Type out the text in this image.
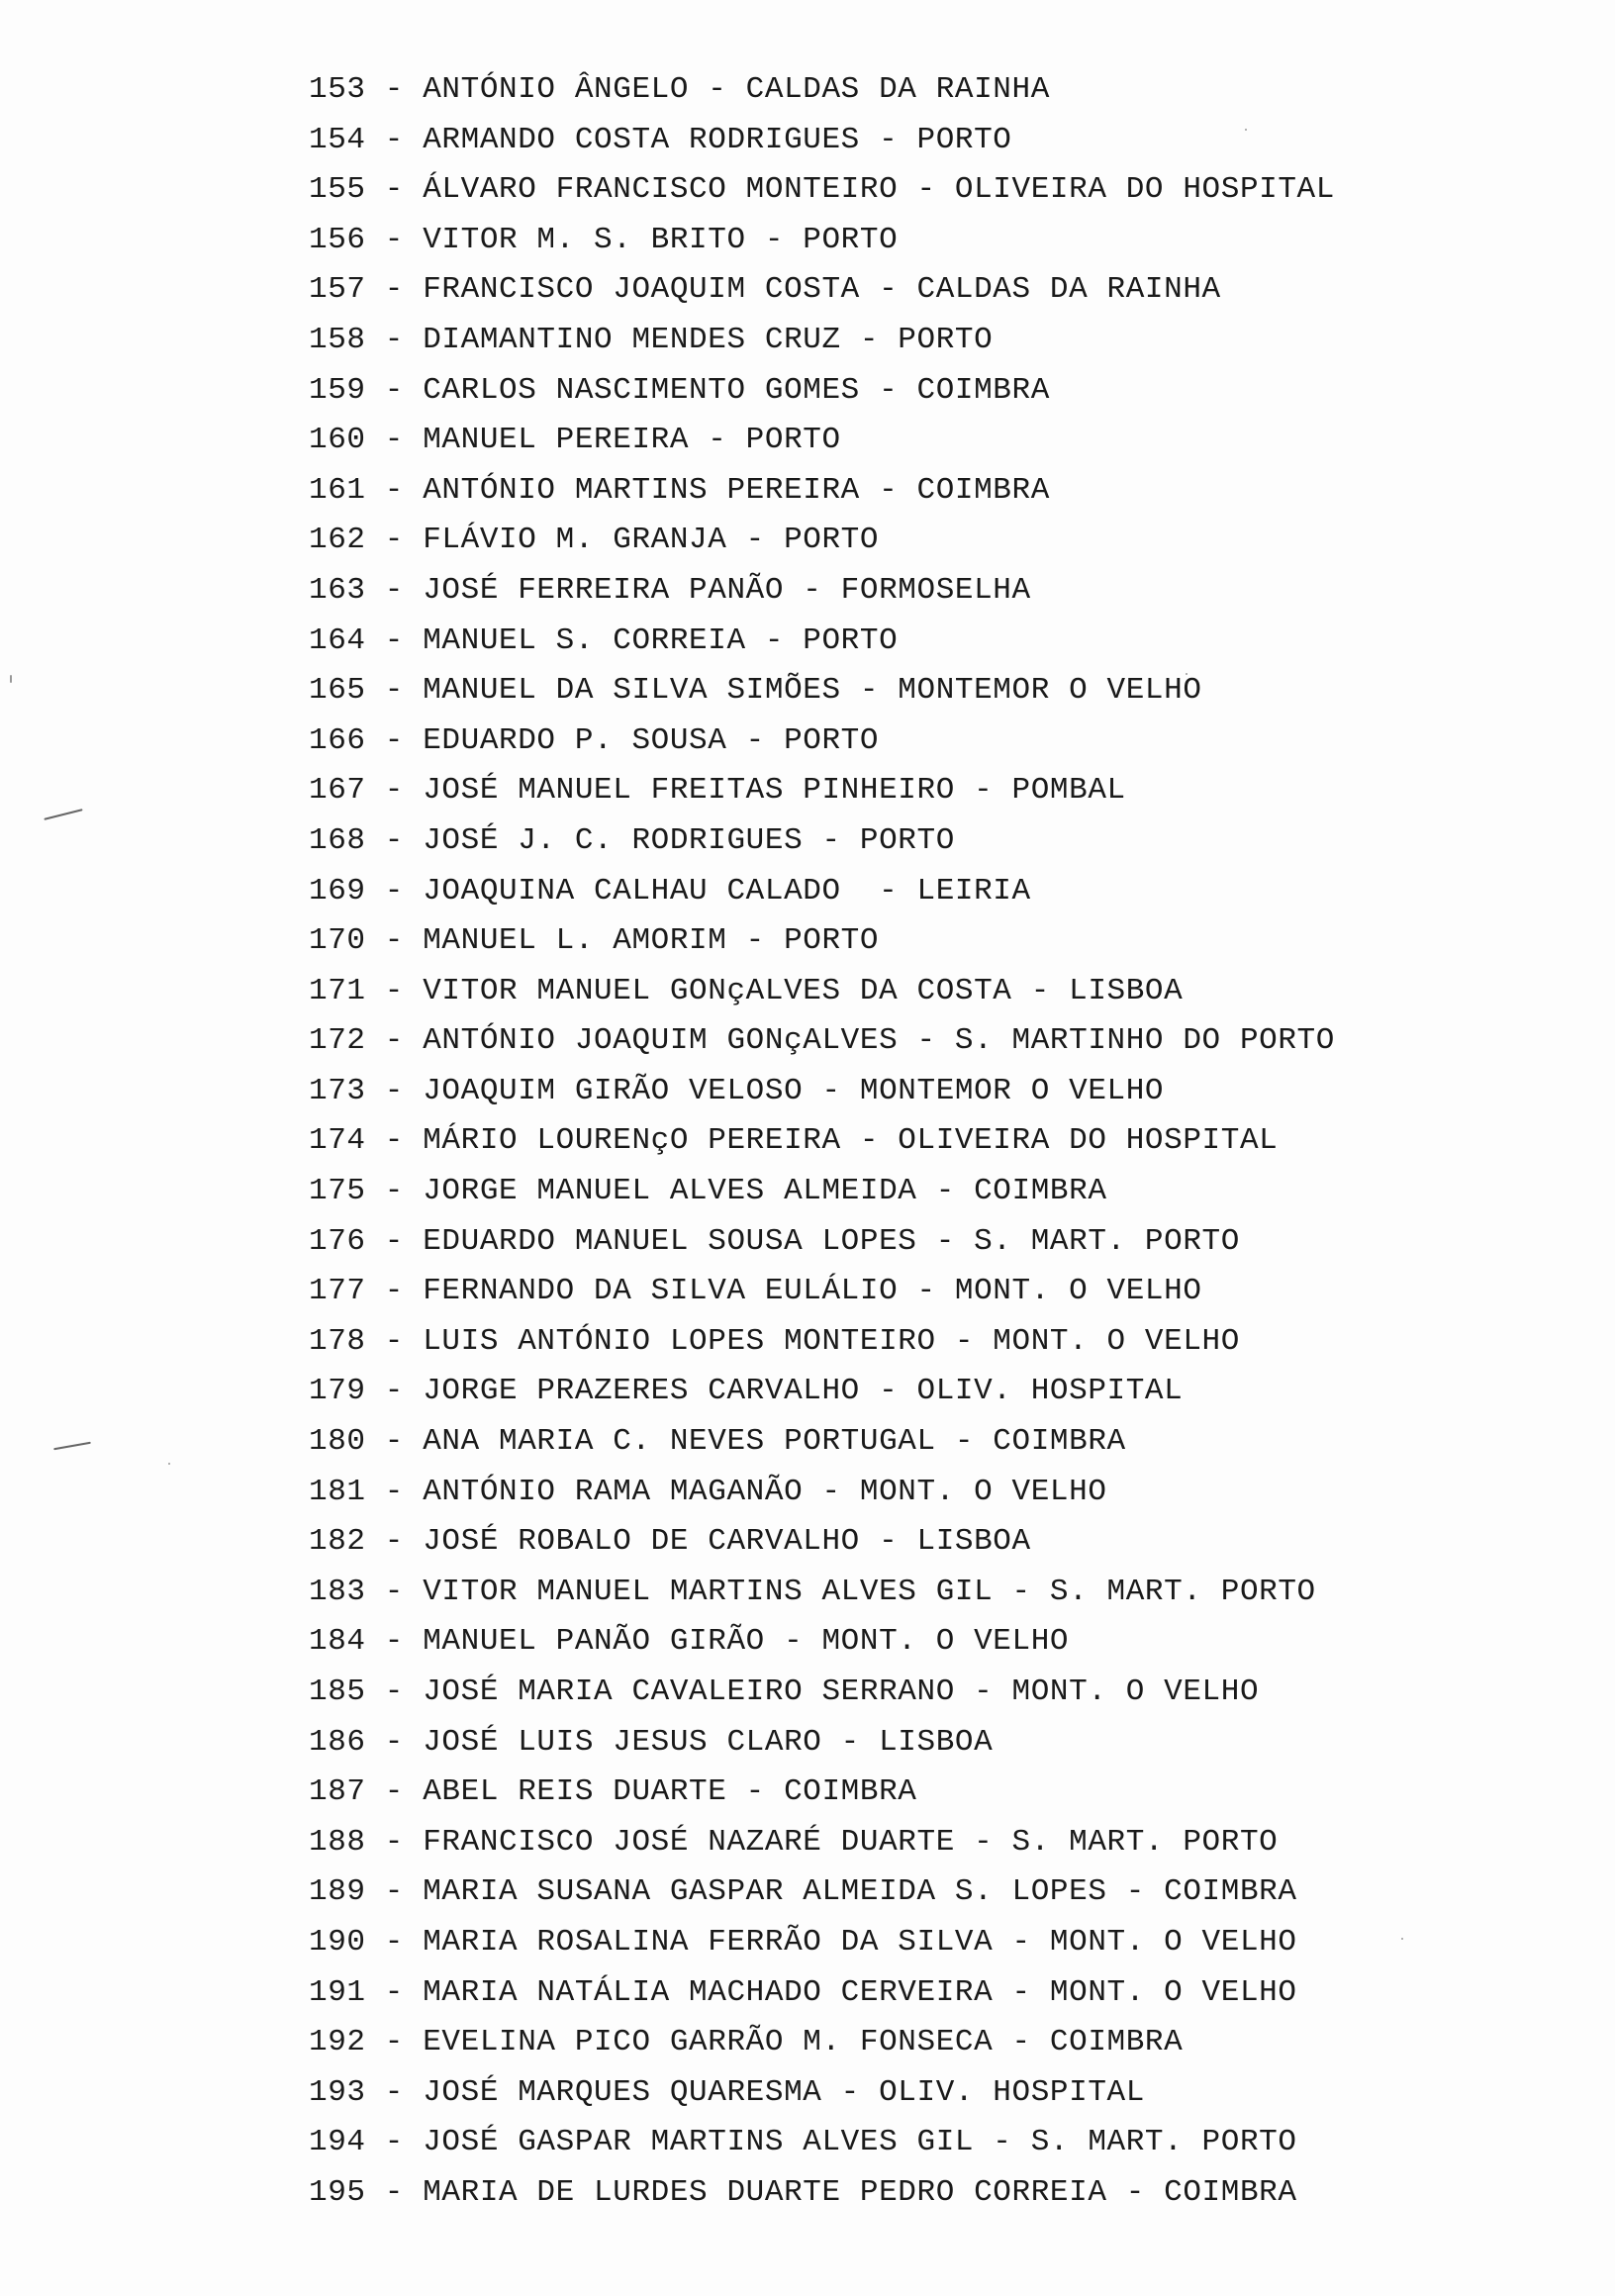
153 - ANTÓNIO ÂNGELO - CALDAS DA RAINHA
154 - ARMANDO COSTA RODRIGUES - PORTO
155 - ÁLVARO FRANCISCO MONTEIRO - OLIVEIRA DO HOSPITAL
156 - VITOR M. S. BRITO - PORTO
157 - FRANCISCO JOAQUIM COSTA - CALDAS DA RAINHA
158 - DIAMANTINO MENDES CRUZ - PORTO
159 - CARLOS NASCIMENTO GOMES - COIMBRA
160 - MANUEL PEREIRA - PORTO
161 - ANTÓNIO MARTINS PEREIRA - COIMBRA
162 - FLÁVIO M. GRANJA - PORTO
163 - JOSÉ FERREIRA PANÃO - FORMOSELHA
164 - MANUEL S. CORREIA - PORTO
165 - MANUEL DA SILVA SIMÕES - MONTEMOR O VELHO
166 - EDUARDO P. SOUSA - PORTO
167 - JOSÉ MANUEL FREITAS PINHEIRO - POMBAL
168 - JOSÉ J. C. RODRIGUES - PORTO
169 - JOAQUINA CALHAU CALADO  - LEIRIA
170 - MANUEL L. AMORIM - PORTO
171 - VITOR MANUEL GONçALVES DA COSTA - LISBOA
172 - ANTÓNIO JOAQUIM GONçALVES - S. MARTINHO DO PORTO
173 - JOAQUIM GIRÃO VELOSO - MONTEMOR O VELHO
174 - MÁRIO LOURENçO PEREIRA - OLIVEIRA DO HOSPITAL
175 - JORGE MANUEL ALVES ALMEIDA - COIMBRA
176 - EDUARDO MANUEL SOUSA LOPES - S. MART. PORTO
177 - FERNANDO DA SILVA EULÁLIO - MONT. O VELHO
178 - LUIS ANTÓNIO LOPES MONTEIRO - MONT. O VELHO
179 - JORGE PRAZERES CARVALHO - OLIV. HOSPITAL
180 - ANA MARIA C. NEVES PORTUGAL - COIMBRA
181 - ANTÓNIO RAMA MAGANÃO - MONT. O VELHO
182 - JOSÉ ROBALO DE CARVALHO - LISBOA
183 - VITOR MANUEL MARTINS ALVES GIL - S. MART. PORTO
184 - MANUEL PANÃO GIRÃO - MONT. O VELHO
185 - JOSÉ MARIA CAVALEIRO SERRANO - MONT. O VELHO
186 - JOSÉ LUIS JESUS CLARO - LISBOA
187 - ABEL REIS DUARTE - COIMBRA
188 - FRANCISCO JOSÉ NAZARÉ DUARTE - S. MART. PORTO
189 - MARIA SUSANA GASPAR ALMEIDA S. LOPES - COIMBRA
190 - MARIA ROSALINA FERRÃO DA SILVA - MONT. O VELHO
191 - MARIA NATÁLIA MACHADO CERVEIRA - MONT. O VELHO
192 - EVELINA PICO GARRÃO M. FONSECA - COIMBRA
193 - JOSÉ MARQUES QUARESMA - OLIV. HOSPITAL
194 - JOSÉ GASPAR MARTINS ALVES GIL - S. MART. PORTO
195 - MARIA DE LURDES DUARTE PEDRO CORREIA - COIMBRA
